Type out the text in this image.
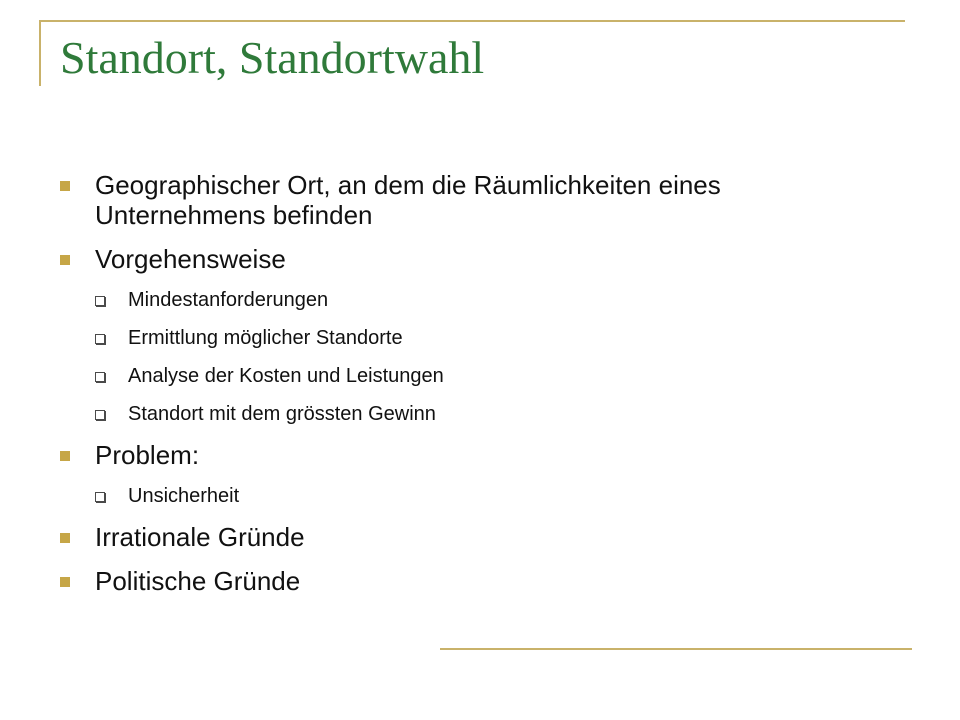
Standort, Standortwahl
Geographischer Ort, an dem die Räumlichkeiten eines Unternehmens befinden
Vorgehensweise
Mindestanforderungen
Ermittlung möglicher Standorte
Analyse der Kosten und Leistungen
Standort mit dem grössten Gewinn
Problem:
Unsicherheit
Irrationale Gründe
Politische Gründe
